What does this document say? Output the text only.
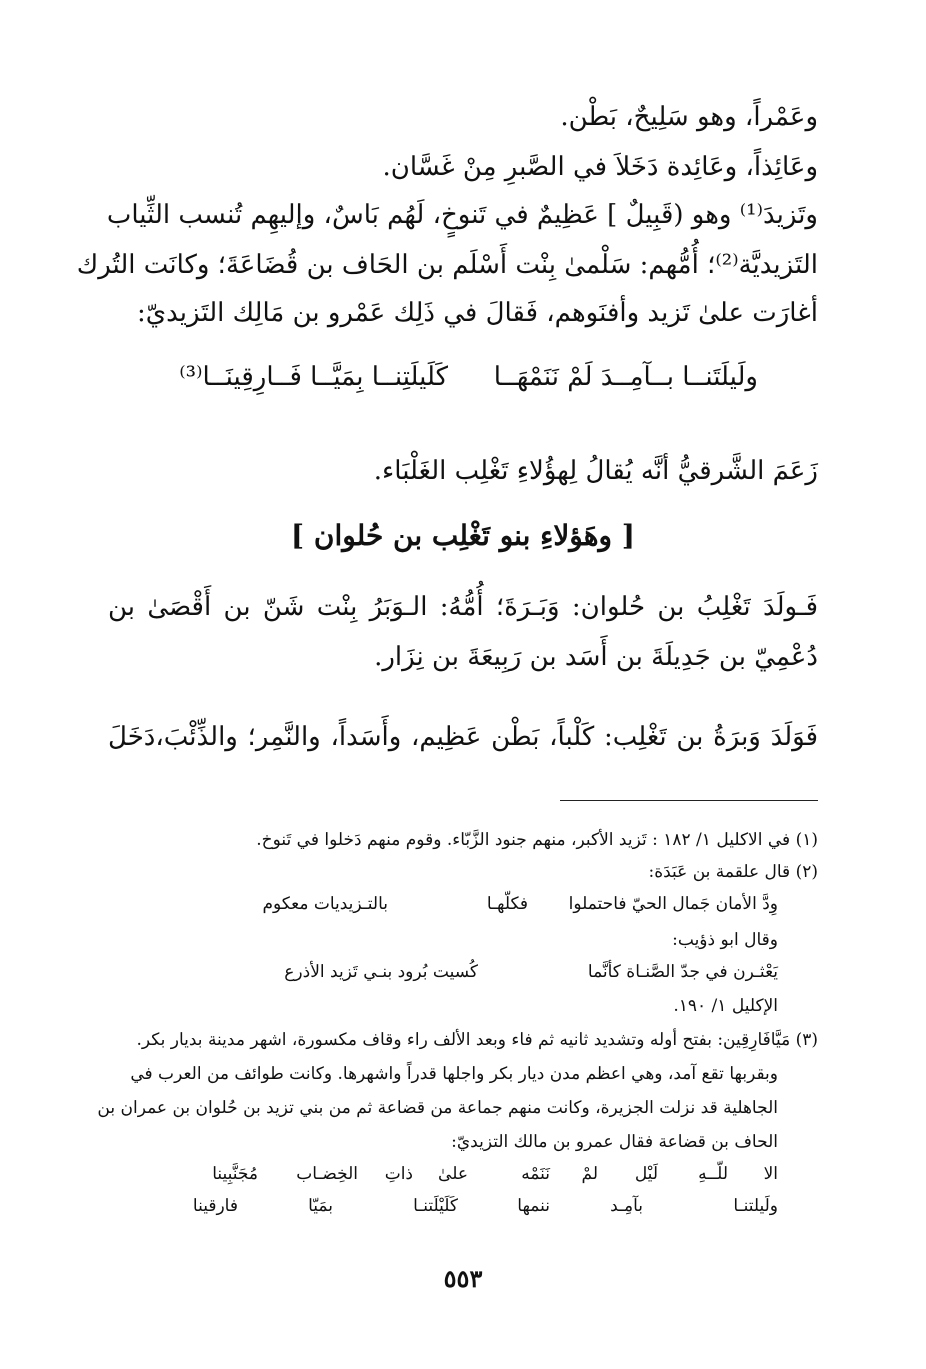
وعَمْراً، وهو سَلِيحٌ، بَطْن.
وعَائِذاً، وعَائِدة دَخَلاَ في الصَّبرِ مِنْ غَسَّان.
وتَزيدَ⁽¹⁾ وهو (قَبِيلٌ ] عَظِيمٌ في تَنوخٍ، لَهُم بَاسٌ، وإليهِم تُنسب الثِّياب
التَزيديَّة⁽²⁾؛ أُمُّهم: سَلْمىٰ بِنْت أَسْلَم بن الحَاف بن قُضَاعَةَ؛ وكانَت التُرك
أغارَت علىٰ تَزيد وأفنَوهم، فَقالَ في ذَلِك عَمْرو بن مَالِك التَزيديّ:
ولَيلَتَنــا بــآمِــدَ لَمْ نَنَمْهَــا
كَلَيلَتِنــا بِمَيَّــا فَــارِقِينَــا⁽³⁾
زَعَمَ الشَّرقيُّ أنَّه يُقالُ لِهؤُلاءِ تَغْلِب الغَلْبَاء.
[ وهَؤلاءِ بنو تَغْلِب بن حُلوان ]
فَـولَدَ تَغْلِبُ بن حُلوان: وَبَـرَةَ؛ أُمُّهُ: الـوَبَرُ بِنْت شَنّ بن أَقْصَىٰ بن
دُعْمِيّ بن جَدِيلَةَ بن أَسَد بن رَبِيعَةَ بن نِزَار.
فَوَلَدَ وَبرَةُ بن تَغْلِب: كَلْباً، بَطْن عَظِيم، وأَسَداً، والنَّمِر؛ والذِّئْبَ،دَخَلَ
(١) في الاكليل ١/ ١٨٢ : تَزيد الأكبر، منهم جنود الزَّبّاء. وقوم منهم دَخلوا في تَنوخ.
(٢) قال علقمة بن عَبَدَة:
وِدَّ الأمان جَمال الحيّ فاحتملوا
فكلّهـا
بالتـزيديات معكوم
وقال ابو ذؤيب:
يَعْثـرن في جدّ الصَّنـاة كأنَّما
كُسيت بُرود بنـي تَزيد الأذرع
الإكليل ١/ ١٩٠.
(٣) مَيَّافَارِقِين: بفتح أوله وتشديد ثانيه ثم فاء وبعد الألف راء وقاف مكسورة، اشهر مدينة بديار بكر.
وبقربها تقع آمد، وهي اعظم مدن ديار بكر واجلها قدراً واشهرها. وكانت طوائف من العرب في
الجاهلية قد نزلت الجزيرة، وكانت منهم جماعة من قضاعة ثم من بني تزيد بن حُلوان بن عمران بن
الحاف بن قضاعة فقال عمرو بن مالك التزيديّ:
الا
للّــهِ
لَيْل
لمْ
نَنَمْه
علىٰ
ذاتِ
الخِضـاب
مُجَنَّبِينا
ولَيلتنـا
بآمِـد
ننمها
كَلَيْلَتنـا
بمَيّا
فارقينا
٥٥٣
